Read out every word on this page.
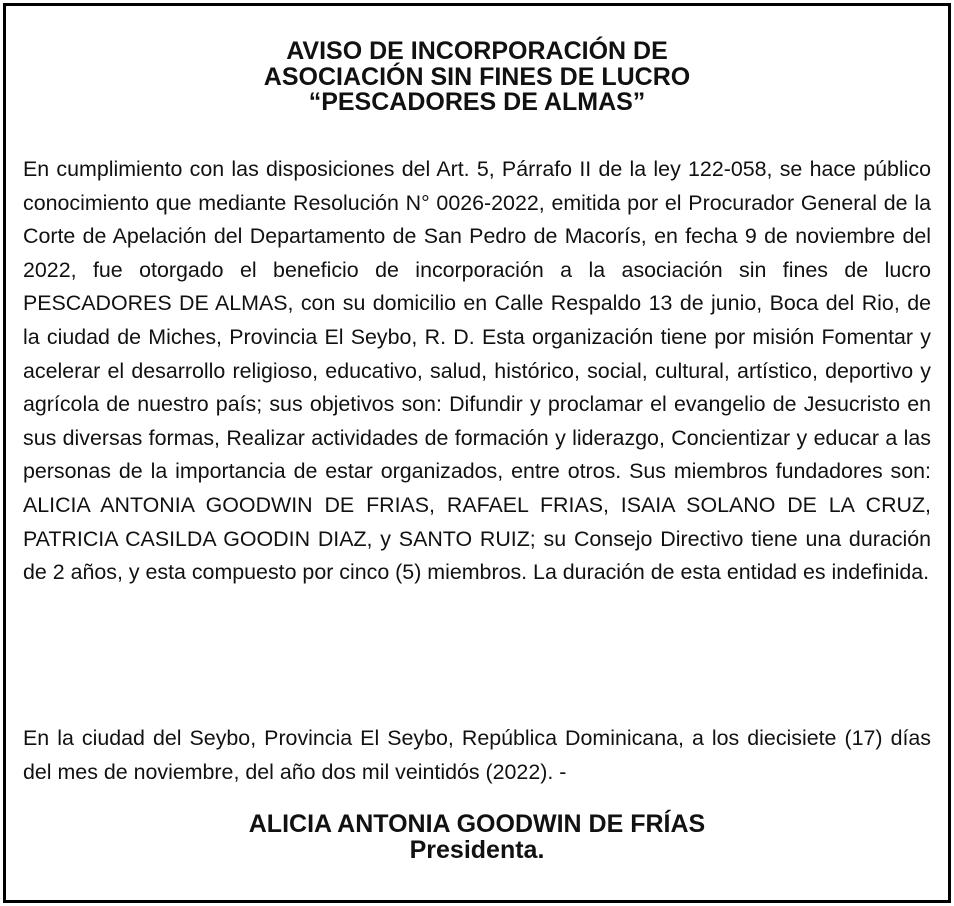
AVISO DE INCORPORACIÓN DE
ASOCIACIÓN SIN FINES DE LUCRO
“PESCADORES DE ALMAS”

En cumplimiento con las disposiciones del Art. 5, Párrafo II de la ley 122-058, se hace público conocimiento que mediante Resolución N° 0026-2022, emitida por el Procurador General de la Corte de Apelación del Departamento de San Pedro de Macorís, en fecha 9 de noviembre del 2022, fue otorgado el beneficio de incorporación a la asociación sin fines de lucro PESCADORES DE ALMAS, con su domicilio en Calle Respaldo 13 de junio, Boca del Rio, de la ciudad de Miches, Provincia El Seybo, R. D. Esta organización tiene por misión Fomentar y acelerar el desarrollo religioso, educativo, salud, histórico, social, cultural, artístico, deportivo y agrícola de nuestro país; sus objetivos son: Difundir y proclamar el evangelio de Jesucristo en sus diversas formas, Realizar actividades de formación y liderazgo, Concientizar y educar a las personas de la importancia de estar organizados, entre otros. Sus miembros fundadores son: ALICIA ANTONIA GOODWIN DE FRIAS, RAFAEL FRIAS, ISAIA SOLANO DE LA CRUZ, PATRICIA CASILDA GOODIN DIAZ, y SANTO RUIZ; su Consejo Directivo tiene una duración de 2 años, y esta compuesto por cinco (5) miembros. La duración de esta entidad es indefinida.

En la ciudad del Seybo, Provincia El Seybo, República Dominicana, a los diecisiete (17) días del mes de noviembre, del año dos mil veintidós (2022). -

ALICIA ANTONIA GOODWIN DE FRÍAS
Presidenta.
